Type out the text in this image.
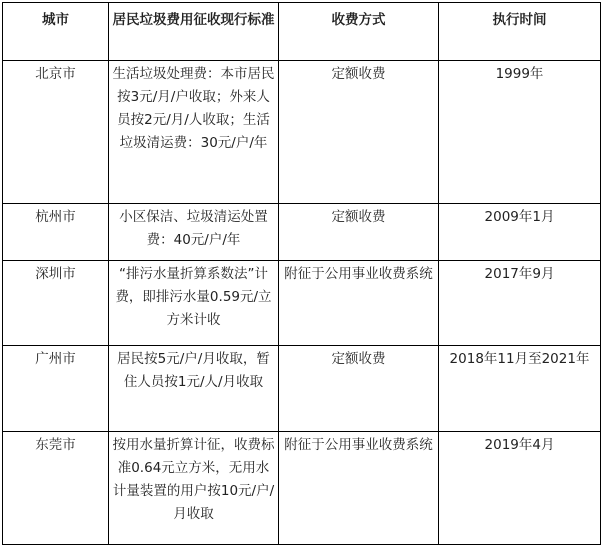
城市	居民垃圾费用征收现行标准	收费方式	执行时间
北京市	生活垃圾处理费：本市居民按3元/月/户收取；外来人员按2元/月/人收取；生活垃圾清运费：30元/户/年	定额收费	1999年
杭州市	小区保洁、垃圾清运处置费：40元/户/年	定额收费	2009年1月
深圳市	“排污水量折算系数法”计费，即排污水量0.59元/立方米计收	附征于公用事业收费系统	2017年9月
广州市	居民按5元/户/月收取，暂住人员按1元/人/月收取	定额收费	2018年11月至2021年
东莞市	按用水量折算计征，收费标准0.64元立方米，无用水计量装置的用户按10元/户/月收取	附征于公用事业收费系统	2019年4月
